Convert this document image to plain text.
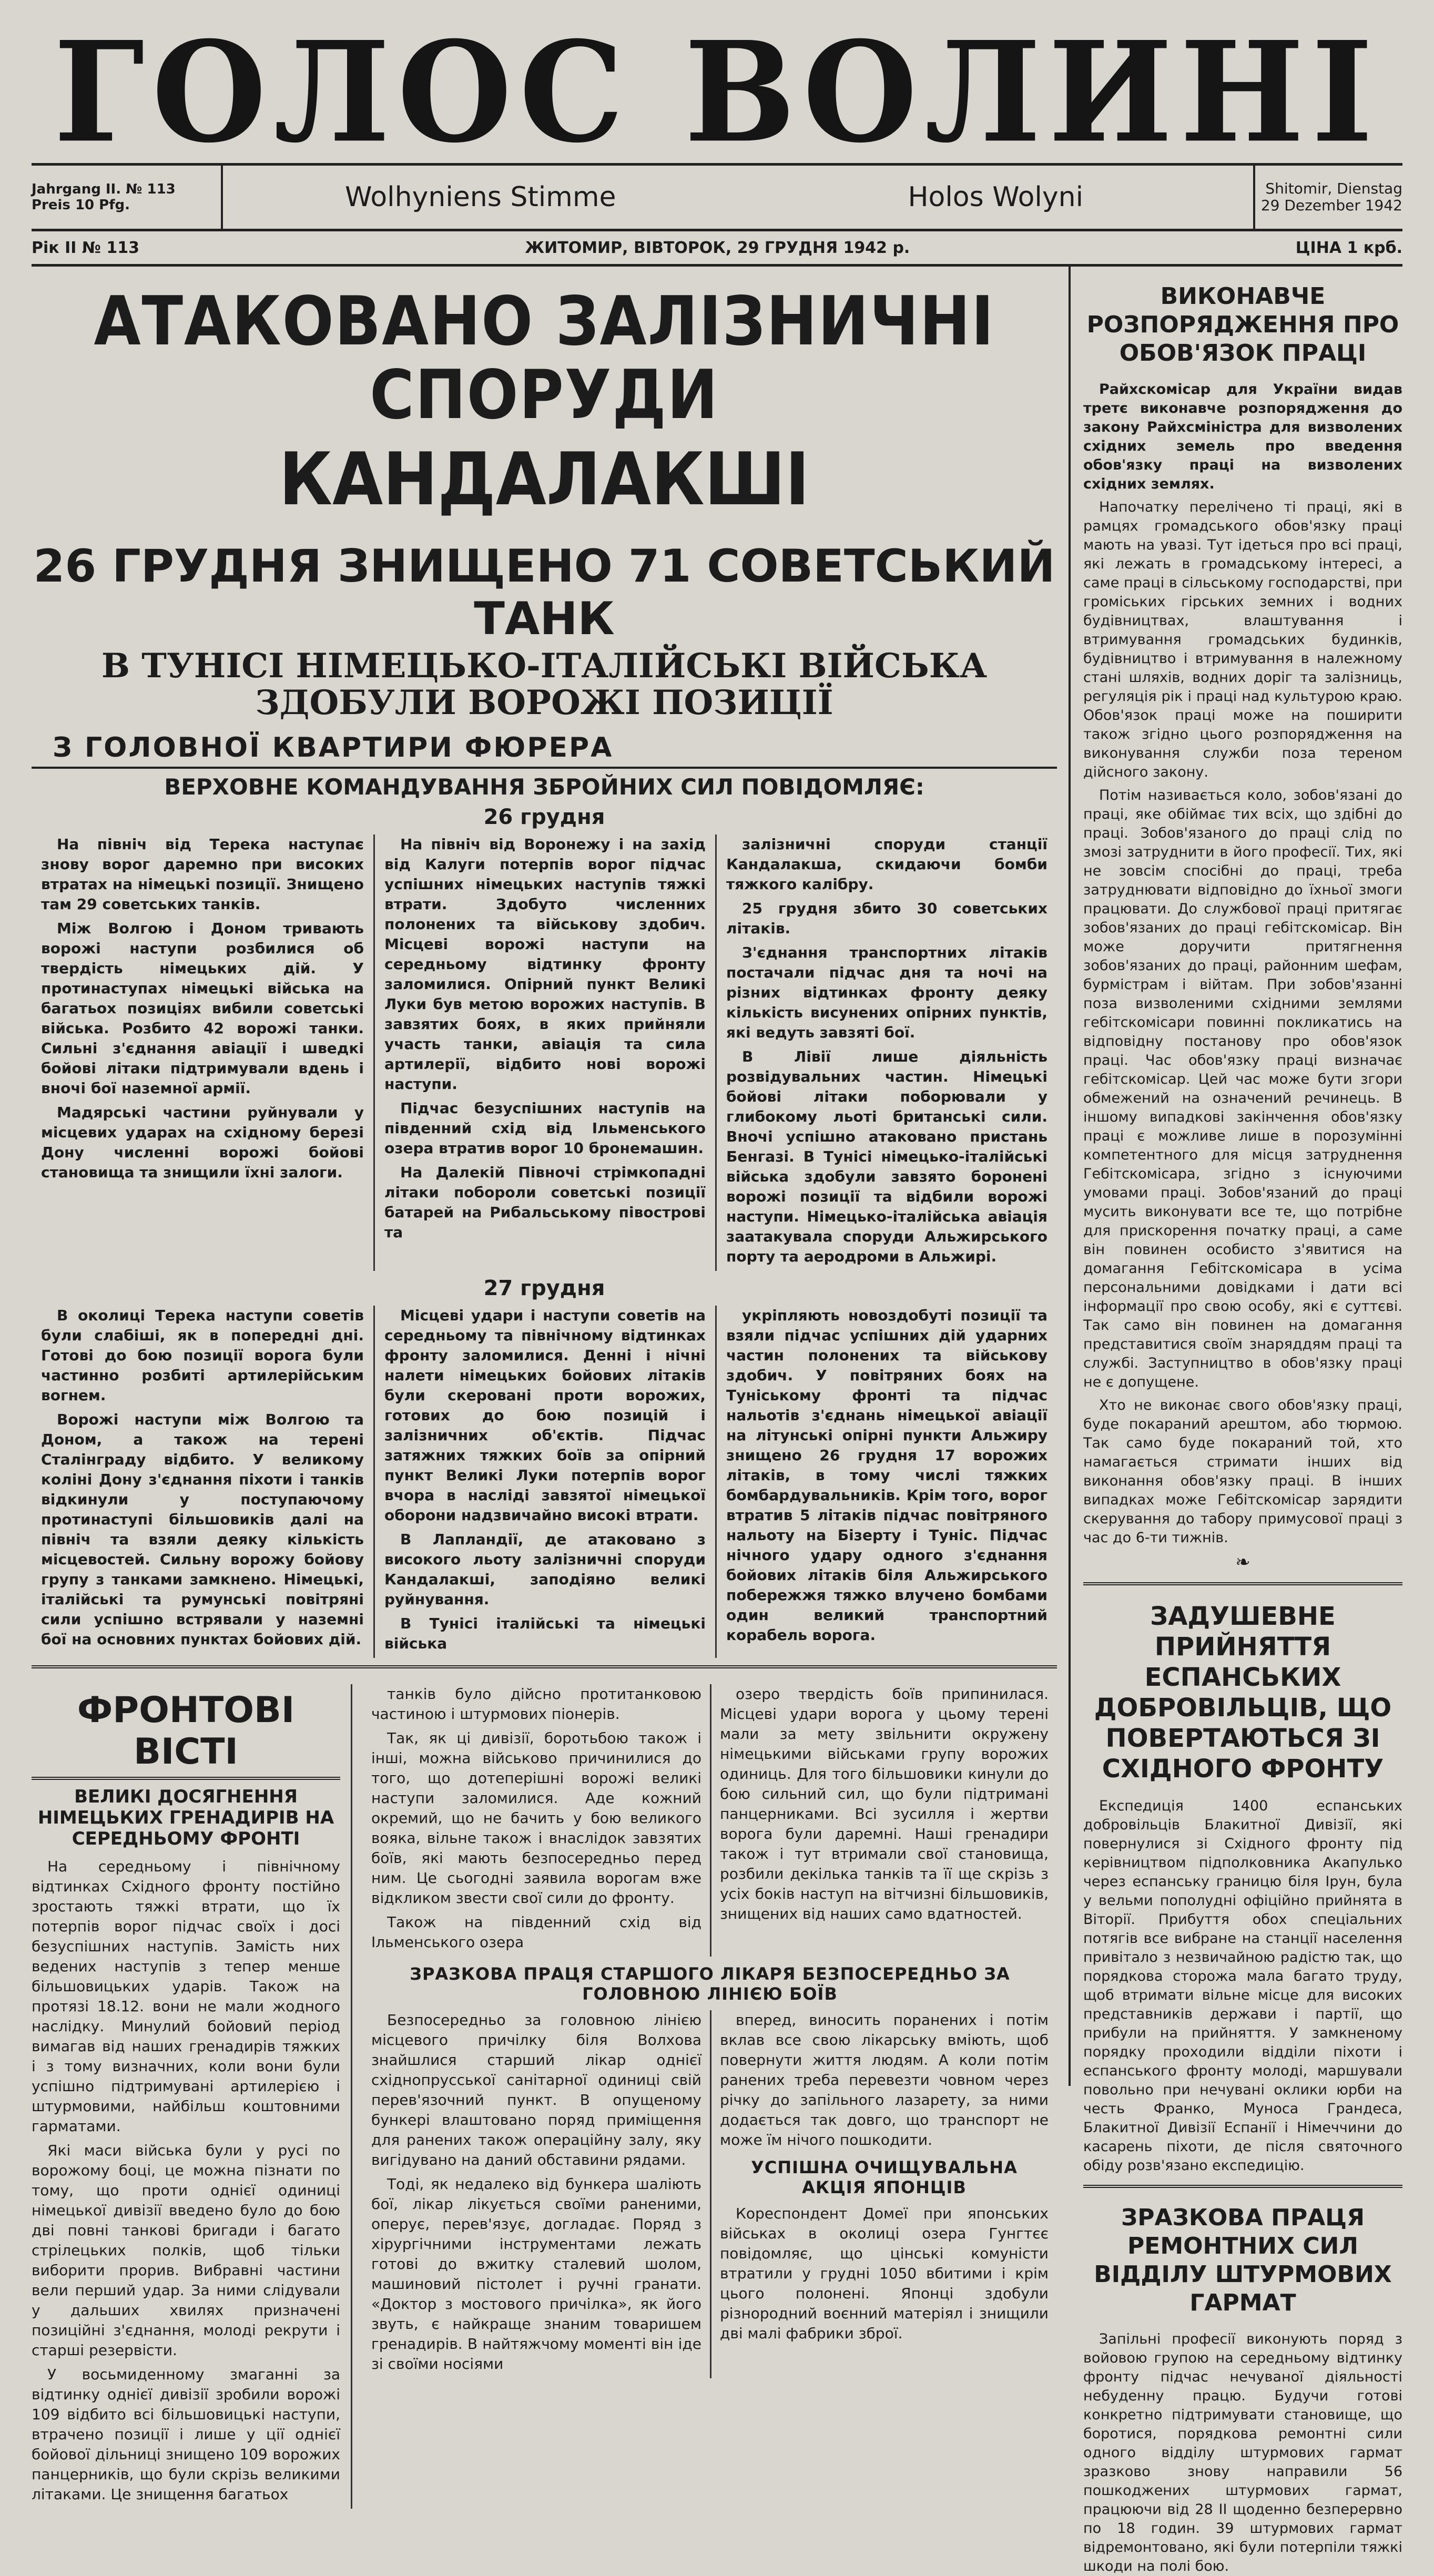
ГОЛОС ВОЛИНІ
Jahrgang II. № 113
Preis 10 Pfg.	Wolhyniens Stimme	Holos Wolyni	Shitomir, Dienstag
29 Dezember 1942
Рік II № 113	ЖИТОМИР, ВІВТОРОК, 29 ГРУДНЯ 1942 р.	ЦІНА 1 крб.
АТАКОВАНО ЗАЛІЗНИЧНІ СПОРУДИ
КАНДАЛАКШІ
26 ГРУДНЯ ЗНИЩЕНО 71 СОВЕТСЬКИЙ ТАНК
В ТУНІСІ НІМЕЦЬКО-ІТАЛІЙСЬКІ ВІЙСЬКА ЗДОБУЛИ ВОРОЖІ ПОЗИЦІЇ
З ГОЛОВНОЇ КВАРТИРИ ФЮРЕРА
ВЕРХОВНЕ КОМАНДУВАННЯ ЗБРОЙНИХ СИЛ ПОВІДОМЛЯЄ:
26 грудня

На північ від Терека наступає знову ворог даремно при високих втратах на німецькі позиції. Знищено там 29 советських танків.

Між Волгою і Доном тривають ворожі наступи розбилися об твердість німецьких дій. У протинаступах німецькі війська на багатьох позиціях вибили советські війська. Розбито 42 ворожі танки. Сильні з'єднання авіації і шведкі бойові літаки підтримували вдень і вночі бої наземної армії.

Мадярські частини руйнували у місцевих ударах на східному березі Дону численні ворожі бойові становища та знищили їхні залоги.

На північ від Воронежу і на захід від Калуги потерпів ворог підчас успішних німецьких наступів тяжкі втрати. Здобуто численних полонених та військову здобич. Місцеві ворожі наступи на середньому відтинку фронту заломилися. Опірний пункт Великі Луки був метою ворожих наступів. В завзятих боях, в яких прийняли участь танки, авіація та сила артилерії, відбито нові ворожі наступи.

Підчас безуспішних наступів на південний схід від Ільменського озера втратив ворог 10 бронемашин.

На Далекій Півночі стрімкопадні літаки побороли советські позиції батарей на Рибальському півострові та

залізничні споруди станції Кандалакша, скидаючи бомби тяжкого калібру.

25 грудня збито 30 советських літаків.

З'єднання транспортних літаків постачали підчас дня та ночі на різних відтинках фронту деяку кількість висунених опірних пунктів, які ведуть завзяті бої.

В Лівії лише діяльність розвідувальних частин. Німецькі бойові літаки поборювали у глибокому льоті британські сили. Вночі успішно атаковано пристань Бенгазі. В Тунісі німецько-італійські війська здобули завзято боронені ворожі позиції та відбили ворожі наступи. Німецько-італійська авіація заатакувала споруди Альжирського порту та аеродроми в Альжирі.

27 грудня

В околиці Терека наступи советів були слабіші, як в попередні дні. Готові до бою позиції ворога були частинно розбиті артилерійським вогнем.

Ворожі наступи між Волгою та Доном, а також на терені Сталінграду відбито. У великому коліні Дону з'єднання піхоти і танків відкинули у поступаючому протинаступі більшовиків далі на північ та взяли деяку кількість місцевостей. Сильну ворожу бойову групу з танками замкнено. Німецькі, італійські та румунські повітряні сили успішно встрявали у наземні бої на основних пунктах бойових дій.

Місцеві удари і наступи советів на середньому та північному відтинках фронту заломилися. Денні і нічні налети німецьких бойових літаків були скеровані проти ворожих, готових до бою позицій і залізничних об'єктів. Підчас затяжних тяжких боїв за опірний пункт Великі Луки потерпів ворог вчора в насліді завзятої німецької оборони надзвичайно високі втрати.

В Лапландії, де атаковано з високого льоту залізничні споруди Кандалакші, заподіяно великі руйнування.

В Тунісі італійські та німецькі війська

укріпляють новоздобуті позиції та взяли підчас успішних дій ударних частин полонених та військову здобич. У повітряних боях на Туніському фронті та підчас нальотів з'єднань німецької авіації на літунські опірні пункти Альжиру знищено 26 грудня 17 ворожих літаків, в тому числі тяжких бомбардувальників. Крім того, ворог втратив 5 літаків підчас повітряного нальоту на Бізерту і Туніс. Підчас нічного удару одного з'єднання бойових літаків біля Альжирського побережжя тяжко влучено бомбами один великий транспортний корабель ворога.

ФРОНТОВІ ВІСТІ
ВЕЛИКІ ДОСЯГНЕННЯ НІМЕЦЬКИХ ГРЕНАДИРІВ НА СЕРЕДНЬОМУ ФРОНТІ

На середньому і північному відтинках Східного фронту постійно зростають тяжкі втрати, що їх потерпів ворог підчас своїх і досі безуспішних наступів. Замість них ведених наступів з тепер менше більшовицьких ударів. Також на протязі 18.12. вони не мали жодного наслідку. Минулий бойовий період вимагав від наших гренадирів тяжких і з тому визначних, коли вони були успішно підтримувані артилерією і штурмовими, найбільш коштовними гарматами.

Які маси війська були у русі по ворожому боці, це можна пізнати по тому, що проти однієї одиниці німецької дивізії введено було до бою дві повні танкові бригади і багато стрілецьких полків, щоб тільки виборити прорив. Вибравні частини вели перший удар. За ними слідували у дальших хвилях призначені позиційні з'єднання, молоді рекрути і старші резервісти.

У восьмиденному змаганні за відтинку однієї дивізії зробили ворожі 109 відбито всі більшовицькі наступи, втрачено позиції і лише у ції однієї бойової дільниці знищено 109 ворожих панцерників, що були скрізь великими літаками. Це знищення багатьох

танків було дійсно протитанковою частиною і штурмових піонерів.

Так, як ці дивізії, боротьбою також і інші, можна військово причинилися до того, що дотеперішні ворожі великі наступи заломилися. Аде кожний окремий, що не бачить у бою великого вояка, вільне також і внаслідок завзятих боїв, які мають безпосередньо перед ним. Це сьогодні заявила ворогам вже відкликом звести свої сили до фронту.

Також на південний схід від Ільменського озера

озеро твердість боїв припинилася. Місцеві удари ворога у цьому терені мали за мету звільнити окружену німецькими військами групу ворожих одиниць. Для того більшовики кинули до бою сильний сил, що були підтримані панцерниками. Всі зусилля і жертви ворога були даремні. Наші гренадири також і тут втримали свої становища, розбили декілька танків та її ще скрізь з усіх боків наступ на вітчизні більшовиків, знищених від наших само вдатностей.

ЗРАЗКОВА ПРАЦЯ СТАРШОГО ЛІКАРЯ БЕЗПОСЕРЕДНЬО ЗА ГОЛОВНОЮ ЛІНІЄЮ БОЇВ

Безпосередньо за головною лінією місцевого причілку біля Волхова знайшлися старший лікар однієї східнопрусської санітарної одиниці свій перев'язочний пункт. В опущеному бункері влаштовано поряд приміщення для ранених також операційну залу, яку вигідувано на даний обставини рядами.

Тоді, як недалеко від бункера шаліють бої, лікар лікується своїми раненими, оперує, перев'язує, догладає. Поряд з хірургічними інструментами лежать готові до вжитку сталевий шолом, машиновий пістолет і ручні гранати. «Доктор з мостового причілка», як його звуть, є найкраще знаним товаришем гренадирів. В найтяжчому моменті він іде зі своїми носіями

вперед, виносить поранених і потім вклав все свою лікарську вміють, щоб повернути життя людям. А коли потім ранених треба перевезти човном через річку до запільного лазарету, за ними додається так довго, що транспорт не може їм нічого пошкодити.

УСПІШНА ОЧИЩУВАЛЬНА АКЦІЯ ЯПОНЦІВ

Кореспондент Домеї при японських військах в околиці озера Гунгтєє повідомляє, що цінські комуністи втратили у грудні 1050 вбитими і крім цього полонені. Японці здобули різнородний воєнний матеріял і знищили дві малі фабрики зброї.

ВИКОНАВЧЕ РОЗПОРЯДЖЕННЯ ПРО ОБОВ'ЯЗОК ПРАЦІ

Райхскомісар для України видав третє виконавче розпорядження до закону Райхсміністра для визволених східних земель про введення обов'язку праці на визволених східних землях.

Напочатку перелічено ті праці, які в рамцях громадського обов'язку праці мають на увазі. Тут ідеться про всі праці, які лежать в громадському інтересі, а саме праці в сільському господарстві, при громіських гірських земних і водних будівництвах, влаштування і втримування громадських будинків, будівництво і втримування в належному стані шляхів, водних доріг та залізниць, регуляція рік і праці над культурою краю. Обов'язок праці може на поширити також згідно цього розпорядження на виконування служби поза тереном дійсного закону.

Потім називається коло, зобов'язані до праці, яке обіймає тих всіх, що здібні до праці. Зобов'язаного до праці слід по змозі затруднити в його професії. Тих, які не зовсім спосібні до праці, треба затруднювати відповідно до їхньої змоги працювати. До службової праці притягає зобов'язаних до праці гебітскомісар. Він може доручити притягнення зобов'язаних до праці, районним шефам, бурмістрам і війтам. При зобов'язанні поза визволеними східними землями гебітскомісари повинні покликатись на відповідну постанову про обов'язок праці. Час обов'язку праці визначає гебітскомісар. Цей час може бути згори обмежений на означений речинець. В іншому випадкові закінчення обов'язку праці є можливе лише в порозумінні компетентного для місця затруднення Гебітскомісара, згідно з існуючими умовами праці. Зобов'язаний до праці мусить виконувати все те, що потрібне для прискорення початку праці, а саме він повинен особисто з'явитися на домагання Гебітскомісара в усіма персональними довідками і дати всі інформації про свою особу, які є суттєві. Так само він повинен на домагання представитися своїм знаряддям праці та службі. Заступництво в обов'язку праці не є допущене.

Хто не виконає свого обов'язку праці, буде покараний арештом, або тюрмою. Так само буде покараний той, хто намагається стримати інших від виконання обов'язку праці. В інших випадках може Гебітскомісар зарядити скерування до табору примусової праці з час до 6-ти тижнів.

❧
ЗАДУШЕВНЕ ПРИЙНЯТТЯ ЕСПАНСЬКИХ ДОБРОВІЛЬЦІВ, ЩО ПОВЕРТАЮТЬСЯ ЗІ СХІДНОГО ФРОНТУ

Експедиція 1400 еспанських добровільців Блакитної Дивізії, які повернулися зі Східного фронту під керівництвом підполковника Акапулько через еспанську границю біля Ірун, була у вельми пополудні офіційно прийнята в Віторії. Прибуття обох спеціальних потягів все вибране на станції населення привітало з незвичайною радістю так, що порядкова сторожа мала багато труду, щоб втримати вільне місце для високих представників держави і партії, що прибули на прийняття. У замкненому порядку проходили відділи піхоти і еспанського фронту молоді, маршували повольно при нечувані оклики юрби на честь Франко, Муноса Грандеса, Блакитної Дивізії Еспанії і Німеччини до касарень піхоти, де після святочного обіду розв'язано експедицію.

ЗРАЗКОВА ПРАЦЯ РЕМОНТНИХ СИЛ ВІДДІЛУ ШТУРМОВИХ ГАРМАТ

Запільні професії виконують поряд з войовою групою на середньому відтинку фронту підчас нечуваної діяльності небуденну працю. Будучи готові конкретно підтримувати становище, що боротися, порядкова ремонтні сили одного відділу штурмових гармат зразково знову направили 56 пошкоджених штурмових гармат, працюючи від 28 II щоденно безперервно по 18 годин. 39 штурмових гармат відремонтовано, які були потерпіли тяжкі шкоди на полі бою.
